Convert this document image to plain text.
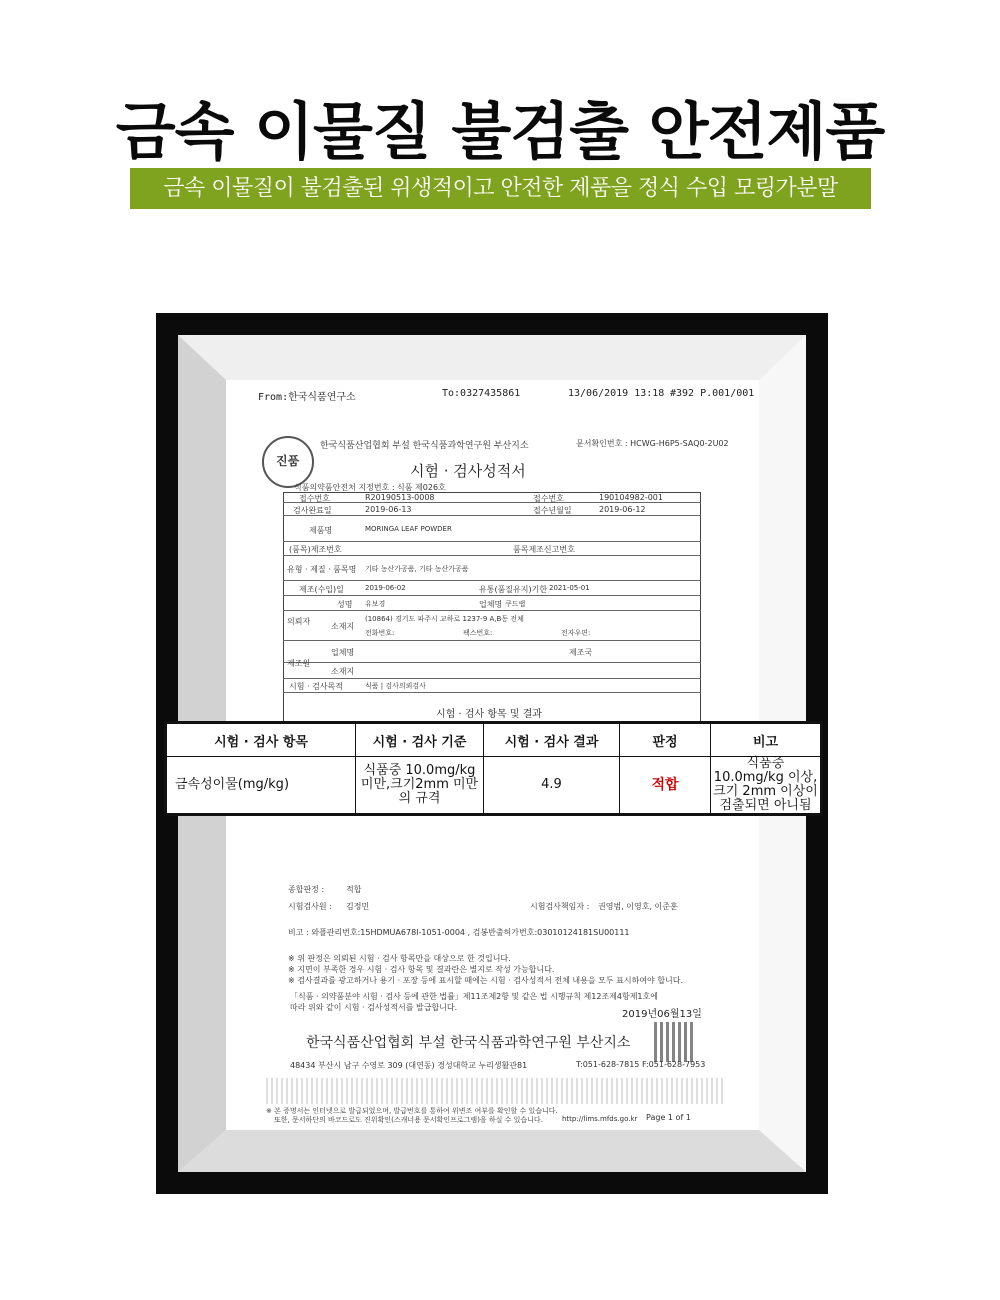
금속 이물질 불검출 안전제품
금속 이물질이 불검출된 위생적이고 안전한 제품을 정식 수입 모링가분말
From:한국식품연구소	To:0327435861	13/06/2019 13:18 #392 P.001/001
진품
한국식품산업협회 부설 한국식품과학연구원 부산지소	문서확인번호 : HCWG-H6P5-SAQ0-2U02
시험 · 검사성적서
식품의약품안전처 지정번호 : 식품 제026호
접수번호	R20190513-0008	접수번호	190104982-001
검사완료일	2019-06-13	접수년월일	2019-06-12
제품명	MORINGA LEAF POWDER
(품목)제조번호	품목제조신고번호
유형 · 제질 · 품목명 기타 농산가공품, 기타 농산가공품
제조(수입)일	2019-06-02	유통(품질유지)기한 2021-05-01
의뢰자
성명 유보경	업체명 쿠드랩
소재지
(10864) 경기도 파주시 교하로 1237-9 A,B동 전체
전화번호:	팩스번호:	전자우편:
제조원
업체명	제조국
소재지
시험 · 검사목적	식품 | 검사의뢰검사
시험 · 검사 항목 및 결과
시험 · 검사 항목	시험 · 검사 기준	시험 · 검사 결과	판정	비고
금속성이물(mg/kg)	식품중 10.0mg/kg미만,크기2mm 미만의 규격	4.9	적합	식품중 10.0mg/kg 이상, 크기 2mm 이상이 검출되면 아니됨
종합판정 :	적합
시험검사원 : 김정민	시험검사책임자 : 권영범, 이영호, 이준훈
비고 : 와플관리번호:15HDMUA678I-1051-0004 , 검봉반출허가번호:03010124181SU00111
※ 위 판정은 의뢰된 시험 · 검사 항목만을 대상으로 한 것입니다.
※ 지면이 부족한 경우 시험 · 검사 항목 및 결과란은 별지로 작성 가능합니다.
※ 검사결과를 광고하거나 용기 · 포장 등에 표시할 때에는 시험 · 검사성적서 전체 내용을 모두 표시하여야 합니다.
「식품 · 의약품분야 시험 · 검사 등에 관한 법률」제11조제2항 및 같은 법 시행규칙 제12조제4항제1호에
따라 위와 같이 시험 · 검사성적서를 발급합니다.
2019년06월13일
한국식품산업협회 부설 한국식품과학연구원 부산지소
48434 부산시 남구 수영로 309 (대연동) 경성대학교 누리생활관81	T:051-628-7815 F:051-628-7953
※ 본 증명서는 인터넷으로 발급되었으며, 발급번호를 통하여 위변조 여부를 확인할 수 있습니다.
또한, 문서하단의 바코드로도 진위확인(스캐너용 문서확인프로그램)을 하실 수 있습니다.	http://lims.mfds.go.kr Page 1 of 1
